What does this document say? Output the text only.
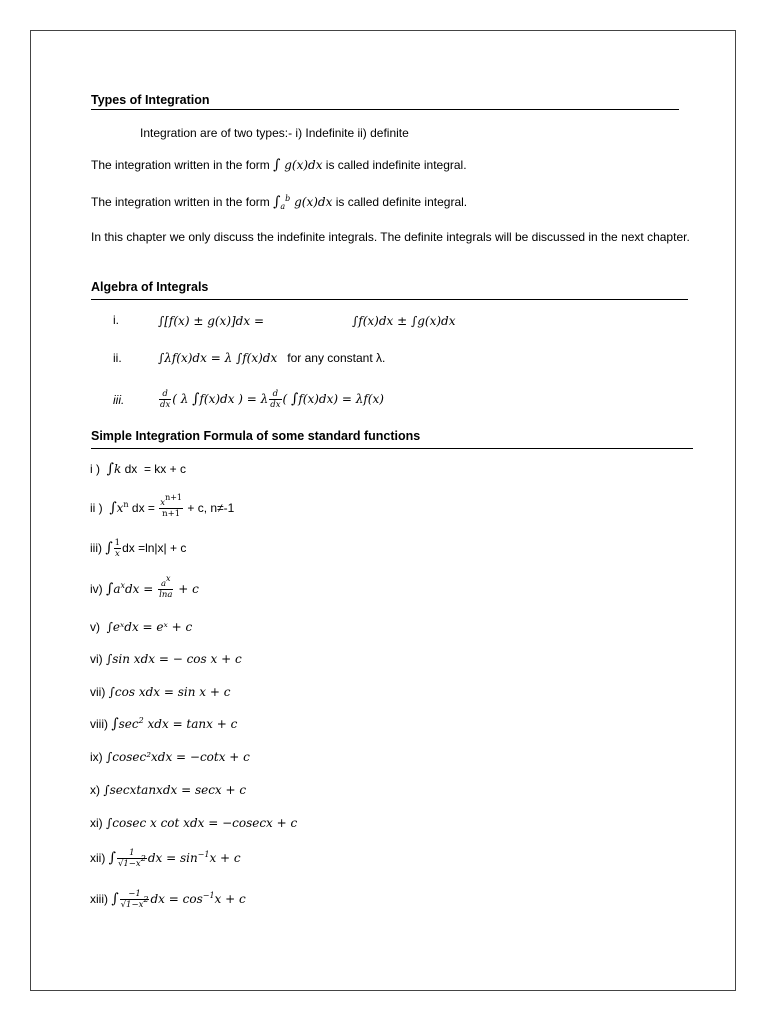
Types of Integration
Integration are of two types:- i) Indefinite ii) definite
The integration written in the form ∫ g(x)dx is called indefinite integral.
The integration written in the form $\int_a^b$ g(x)dx is called definite integral.
In this chapter we only discuss the indefinite integrals. The definite integrals will be discussed in the next chapter.
Algebra of Integrals
i.	∫[f(x) ± g(x)]dx =	∫f(x)dx ± ∫g(x)dx
ii.	∫λf(x)dx = λ ∫f(x)dx for any constant λ.
iii.	$\frac{d}{dx}$ ( λ ∫f(x)dx ) = λ $\frac{d}{dx}$ ( ∫f(x)dx) = λf(x)
Simple Integration Formula of some standard functions
i ) ∫k dx  = kx + c
ii ) $\int x^n$ dx = $\frac{x^{n+1}}{n+1} + c$, n≠-1
iii) ∫ $\frac{1}{x}$ dx =ln|x| + c
iv) $\int a^xdx = \frac{a^x}{\ln a} + c$
v) ∫eˣdx = eˣ + c
vi) ∫sin xdx = − cos x + c
vii) ∫cos xdx = sin x + c
viii) $\int\sec^2$ xdx = tanx + c
ix) ∫cosec²xdx = −cotx + c
x) ∫secxtanxdx = secx + c
xi) ∫cosec x cot xdx = −cosecx + c
xii) ∫ $\frac{1}{√1-x^2}$ dx = $\sin^{-1}x + c$
xiii) ∫ $\frac{-1}{√1-x^2}$ dx = $\cos^{-1}x + c$
